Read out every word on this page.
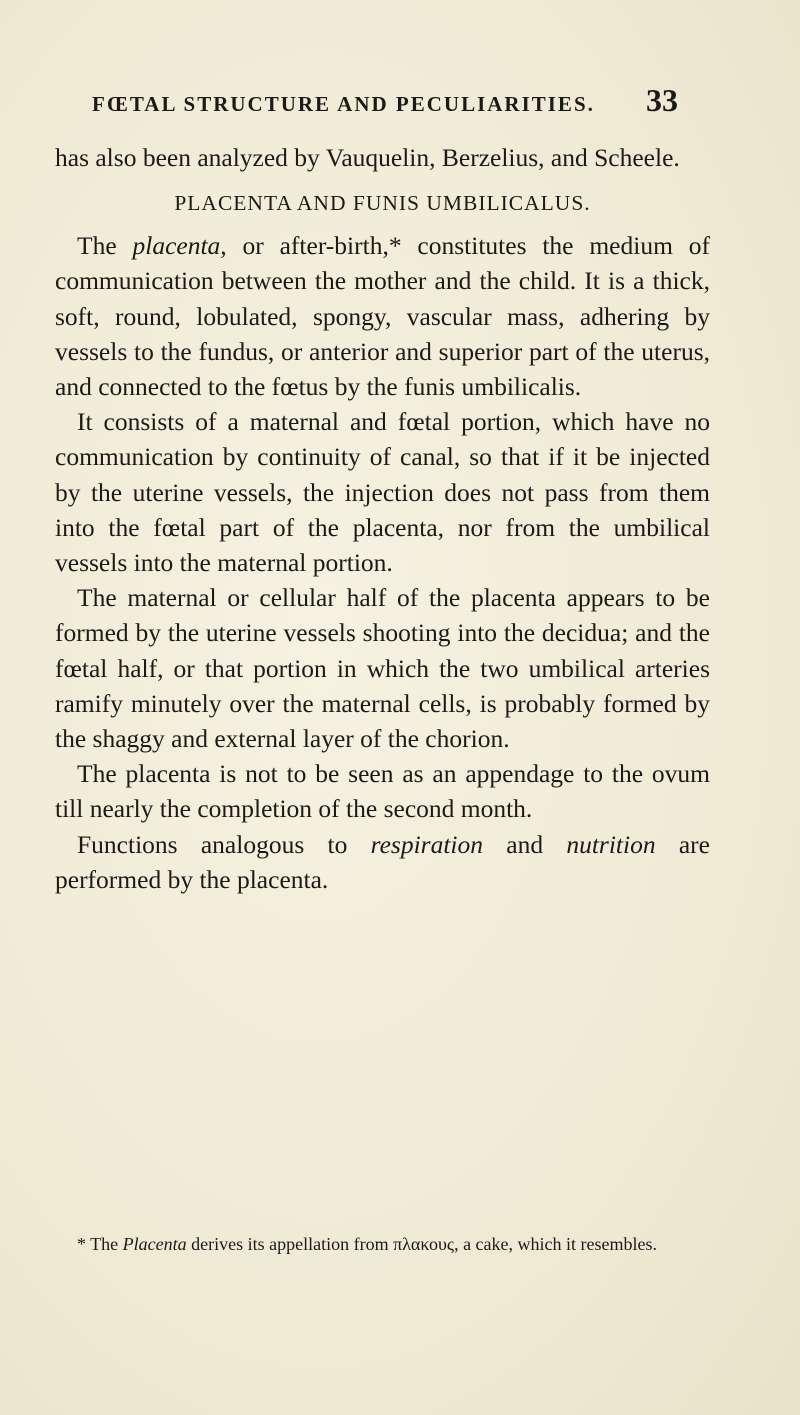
FŒTAL STRUCTURE AND PECULIARITIES. 33

has also been analyzed by Vauquelin, Berzelius, and Scheele.

PLACENTA AND FUNIS UMBILICALUS.

The placenta, or after-birth,* constitutes the medium of communication between the mother and the child. It is a thick, soft, round, lobulated, spongy, vascular mass, adhering by vessels to the fundus, or anterior and superior part of the uterus, and connected to the fœtus by the funis umbilicalis.

It consists of a maternal and fœtal portion, which have no communication by continuity of canal, so that if it be injected by the uterine vessels, the injection does not pass from them into the fœtal part of the placenta, nor from the umbilical vessels into the maternal portion.

The maternal or cellular half of the placenta appears to be formed by the uterine vessels shooting into the decidua; and the fœtal half, or that portion in which the two umbilical arteries ramify minutely over the maternal cells, is probably formed by the shaggy and external layer of the chorion.

The placenta is not to be seen as an appendage to the ovum till nearly the completion of the second month.

Functions analogous to respiration and nutrition are performed by the placenta.

* The Placenta derives its appellation from πλακους, a cake, which it resembles.
